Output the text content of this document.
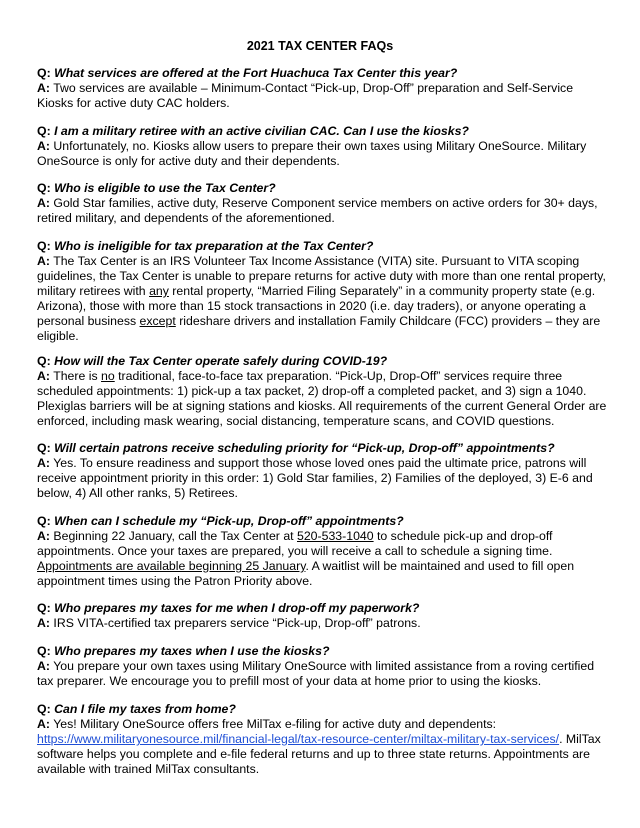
2021 TAX CENTER FAQs

Q: What services are offered at the Fort Huachuca Tax Center this year?

A: Two services are available – Minimum-Contact “Pick-up, Drop-Off” preparation and Self-Service Kiosks for active duty CAC holders.

Q: I am a military retiree with an active civilian CAC. Can I use the kiosks?

A: Unfortunately, no. Kiosks allow users to prepare their own taxes using Military OneSource. Military OneSource is only for active duty and their dependents.

Q: Who is eligible to use the Tax Center?

A: Gold Star families, active duty, Reserve Component service members on active orders for 30+ days, retired military, and dependents of the aforementioned.

Q: Who is ineligible for tax preparation at the Tax Center?

A: The Tax Center is an IRS Volunteer Tax Income Assistance (VITA) site. Pursuant to VITA scoping guidelines, the Tax Center is unable to prepare returns for active duty with more than one rental property, military retirees with any rental property, “Married Filing Separately” in a community property state (e.g. Arizona), those with more than 15 stock transactions in 2020 (i.e. day traders), or anyone operating a personal business except rideshare drivers and installation Family Childcare (FCC) providers – they are eligible.

Q: How will the Tax Center operate safely during COVID-19?

A: There is no traditional, face-to-face tax preparation. “Pick-Up, Drop-Off” services require three scheduled appointments: 1) pick-up a tax packet, 2) drop-off a completed packet, and 3) sign a 1040. Plexiglas barriers will be at signing stations and kiosks. All requirements of the current General Order are enforced, including mask wearing, social distancing, temperature scans, and COVID questions.

Q: Will certain patrons receive scheduling priority for “Pick-up, Drop-off” appointments?

A: Yes. To ensure readiness and support those whose loved ones paid the ultimate price, patrons will receive appointment priority in this order: 1) Gold Star families, 2) Families of the deployed, 3) E-6 and below, 4) All other ranks, 5) Retirees.

Q: When can I schedule my “Pick-up, Drop-off” appointments?

A: Beginning 22 January, call the Tax Center at 520-533-1040 to schedule pick-up and drop-off appointments. Once your taxes are prepared, you will receive a call to schedule a signing time. Appointments are available beginning 25 January. A waitlist will be maintained and used to fill open appointment times using the Patron Priority above.

Q: Who prepares my taxes for me when I drop-off my paperwork?

A: IRS VITA-certified tax preparers service “Pick-up, Drop-off” patrons.

Q: Who prepares my taxes when I use the kiosks?

A: You prepare your own taxes using Military OneSource with limited assistance from a roving certified tax preparer. We encourage you to prefill most of your data at home prior to using the kiosks.

Q: Can I file my taxes from home?

A: Yes! Military OneSource offers free MilTax e-filing for active duty and dependents:
https://www.militaryonesource.mil/financial-legal/tax-resource-center/miltax-military-tax-services/. MilTax software helps you complete and e-file federal returns and up to three state returns. Appointments are available with trained MilTax consultants.
